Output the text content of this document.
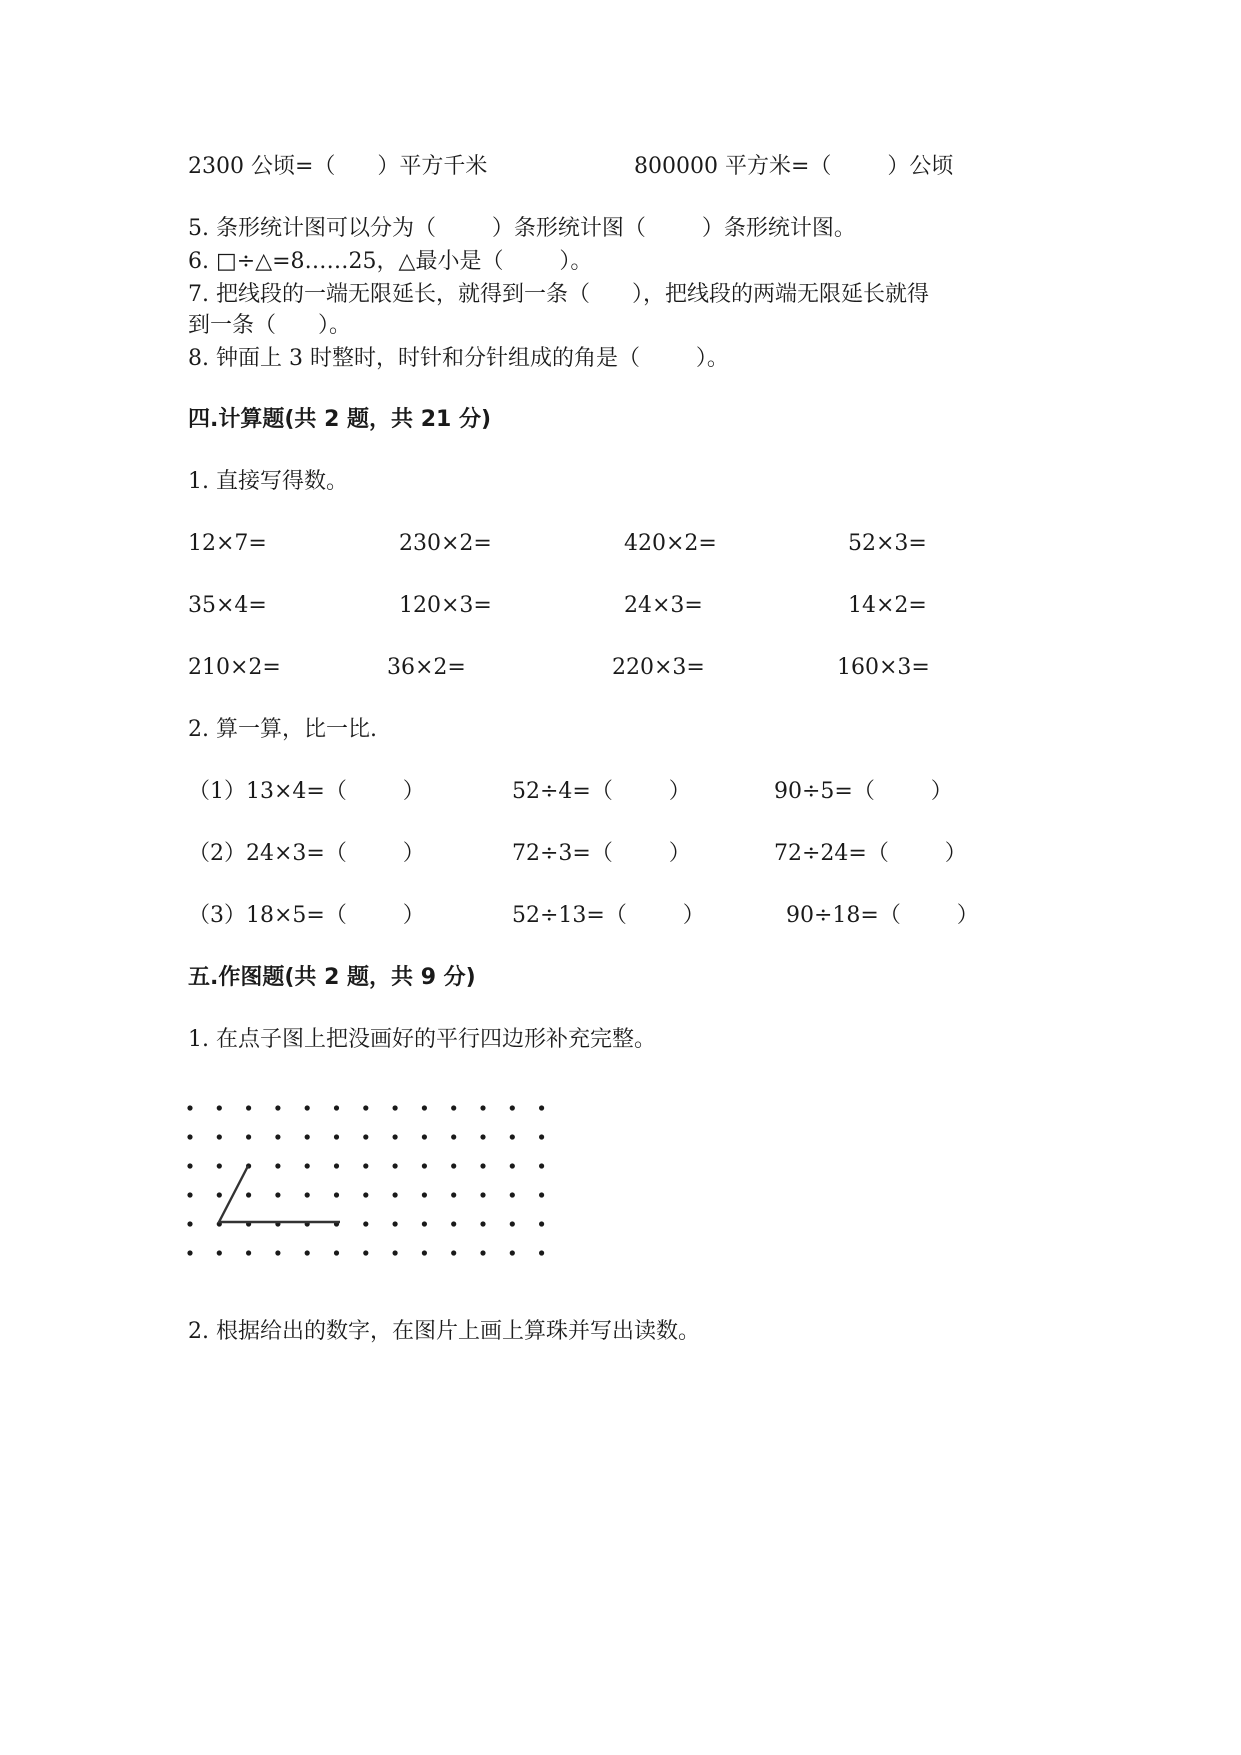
2300 公顷=（      ）平方千米	800000 平方米=（        ）公顷
5. 条形统计图可以分为（        ）条形统计图（        ）条形统计图。
6. □÷△=8……25，△最小是（        ）。
7. 把线段的一端无限延长，就得到一条（      ），把线段的两端无限延长就得
到一条（      ）。
8. 钟面上 3 时整时，时针和分针组成的角是（        ）。
四.计算题(共 2 题，共 21 分)
1. 直接写得数。
12×7=	230×2=	420×2=	52×3=
35×4=	120×3=	24×3=	14×2=
210×2=	36×2=	220×3=	160×3=
2. 算一算，比一比.
（1）13×4=（        ）	52÷4=（        ）	90÷5=（        ）
（2）24×3=（        ）	72÷3=（        ）	72÷24=（        ）
（3）18×5=（        ）	52÷13=（        ）	90÷18=（        ）
五.作图题(共 2 题，共 9 分)
1. 在点子图上把没画好的平行四边形补充完整。
2. 根据给出的数字，在图片上画上算珠并写出读数。
